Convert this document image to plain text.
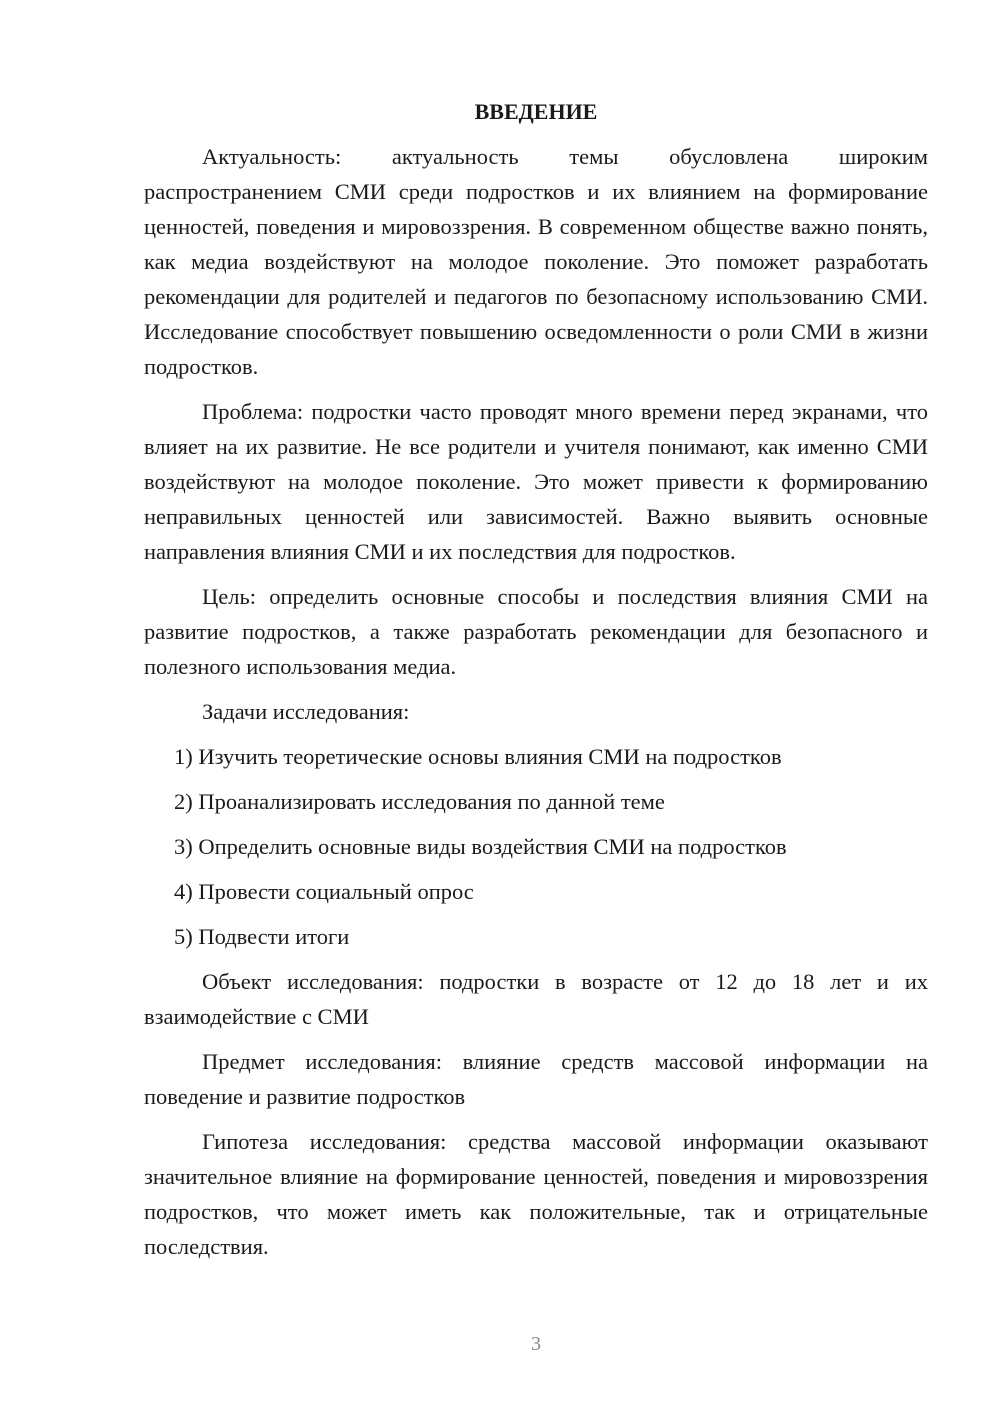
ВВЕДЕНИЕ

Актуальность: актуальность темы обусловлена широким распространением СМИ среди подростков и их влиянием на формирование ценностей, поведения и мировоззрения. В современном обществе важно понять, как медиа воздействуют на молодое поколение. Это поможет разработать рекомендации для родителей и педагогов по безопасному использованию СМИ. Исследование способствует повышению осведомленности о роли СМИ в жизни подростков.

Проблема: подростки часто проводят много времени перед экранами, что влияет на их развитие. Не все родители и учителя понимают, как именно СМИ воздействуют на молодое поколение. Это может привести к формированию неправильных ценностей или зависимостей. Важно выявить основные направления влияния СМИ и их последствия для подростков.

Цель: определить основные способы и последствия влияния СМИ на развитие подростков, а также разработать рекомендации для безопасного и полезного использования медиа.

Задачи исследования:

1) Изучить теоретические основы влияния СМИ на подростков
2) Проанализировать исследования по данной теме
3) Определить основные виды воздействия СМИ на подростков
4) Провести социальный опрос
5) Подвести итоги

Объект исследования: подростки в возрасте от 12 до 18 лет и их взаимодействие с СМИ

Предмет исследования: влияние средств массовой информации на поведение и развитие подростков

Гипотеза исследования: средства массовой информации оказывают значительное влияние на формирование ценностей, поведения и мировоззрения подростков, что может иметь как положительные, так и отрицательные последствия.

3
